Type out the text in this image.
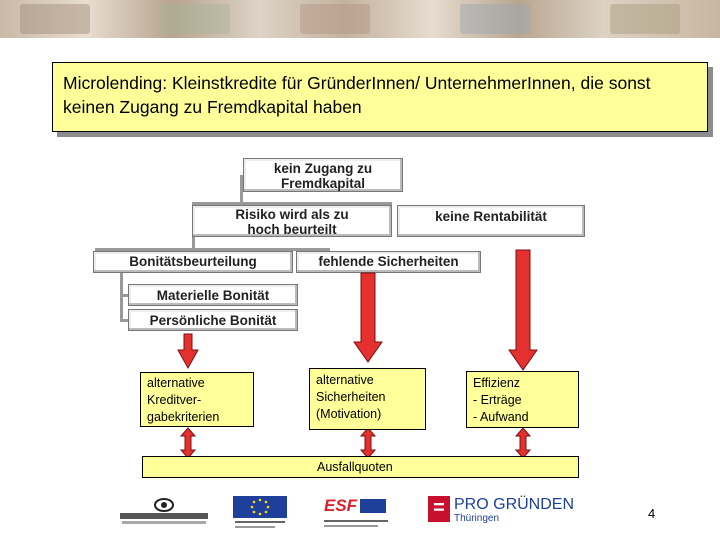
Microlending: Kleinstkredite für GründerInnen/ UnternehmerInnen, die sonst keinen Zugang zu Fremdkapital haben
kein Zugang zu
Fremdkapital
Risiko wird als zu
hoch beurteilt
keine Rentabilität
Bonitätsbeurteilung	fehlende Sicherheiten
Materielle Bonität
Persönliche Bonität
alternative
Kreditver-
gabekriterien
alternative
Sicherheiten
(Motivation)
Effizienz
- Erträge
- Aufwand
Ausfallquoten
ESF	= PRO GRÜNDEN
Thüringen	4
